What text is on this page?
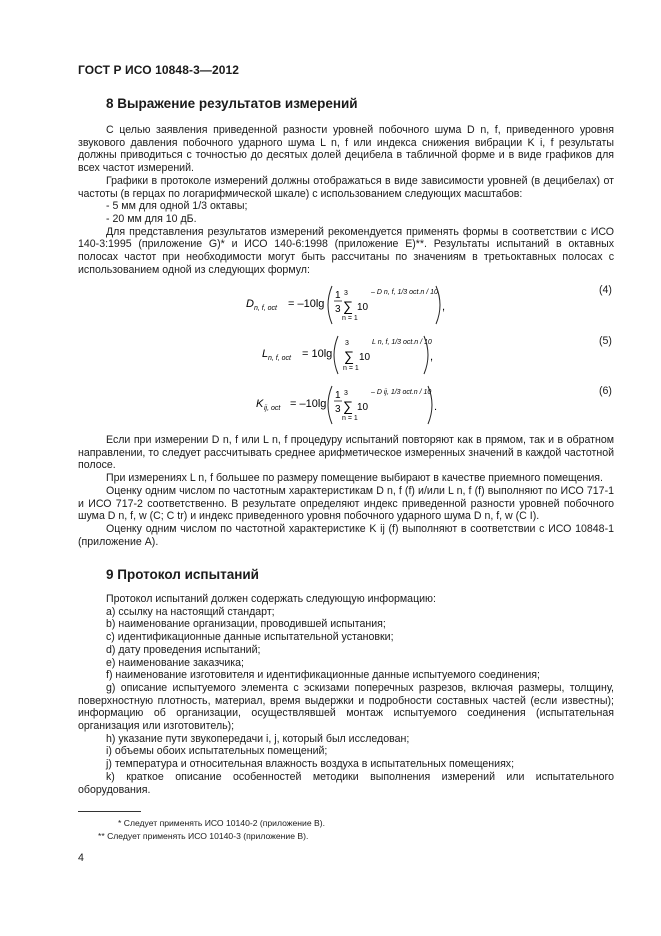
ГОСТ Р ИСО 10848-3—2012
8 Выражение результатов измерений

С целью заявления приведенной разности уровней побочного шума D n, f, приведенного уровня звукового давления побочного ударного шума L n, f или индекса снижения вибрации K i, f результаты должны приводиться с точностью до десятых долей децибела в табличной форме и в виде графиков для всех частот измерений.

Графики в протоколе измерений должны отображаться в виде зависимости уровней (в децибелах) от частоты (в герцах по логарифмической шкале) с использованием следующих масштабов:

- 5 мм для одной 1/3 октавы;

- 20 мм для 10 дБ.

Для представления результатов измерений рекомендуется применять формы в соответствии с ИСО 140-3:1995 (приложение G)* и ИСО 140-6:1998 (приложение E)**. Результаты испытаний в октавных полосах частот при необходимости могут быть рассчитаны по значениям в третьоктавных полосах с использованием одной из следующих формул:

D n, f, oct = –10lg
1
3
3
∑
n = 1
10
– D n, f, 1/3 oct.n / 10
,
(4)
L n, f, oct = 10lg
3
∑
n = 1
10
L n, f, 1/3 oct.n / 10
,
(5)
K ij, oct = –10lg
1
3
3
∑
n = 1
10
– D ij, 1/3 oct.n / 10
.
(6)

Если при измерении D n, f или L n, f процедуру испытаний повторяют как в прямом, так и в обратном направлении, то следует рассчитывать среднее арифметическое измеренных значений в каждой частотной полосе.

При измерениях L n, f большее по размеру помещение выбирают в качестве приемного помещения.

Оценку одним числом по частотным характеристикам D n, f (f) и/или L n, f (f) выполняют по ИСО 717-1 и ИСО 717-2 соответственно. В результате определяют индекс приведенной разности уровней побочного шума D n, f, w (C; C tr) и индекс приведенного уровня побочного ударного шума D n, f, w (C I).

Оценку одним числом по частотной характеристике K ij (f) выполняют в соответствии с ИСО 10848-1 (приложение А).

9 Протокол испытаний

Протокол испытаний должен содержать следующую информацию:

a) ссылку на настоящий стандарт;

b) наименование организации, проводившей испытания;

c) идентификационные данные испытательной установки;

d) дату проведения испытаний;

e) наименование заказчика;

f) наименование изготовителя и идентификационные данные испытуемого соединения;

g) описание испытуемого элемента с эскизами поперечных разрезов, включая размеры, толщину, поверхностную плотность, материал, время выдержки и подробности составных частей (если известны); информацию об организации, осуществлявшей монтаж испытуемого соединения (испытательная организация или изготовитель);

h) указание пути звукопередачи i, j, который был исследован;

i) объемы обоих испытательных помещений;

j) температура и относительная влажность воздуха в испытательных помещениях;

k) краткое описание особенностей методики выполнения измерений или испытательного оборудования.

* Следует применять ИСО 10140-2 (приложение В).
** Следует применять ИСО 10140-3 (приложение В).
4
